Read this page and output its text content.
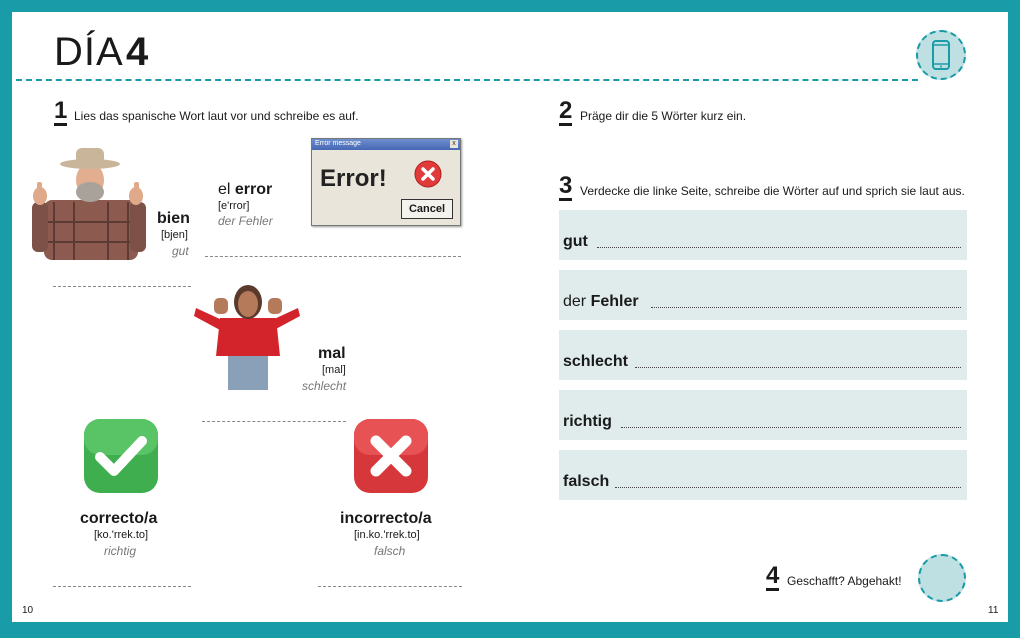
DÍA 4
1 Lies das spanische Wort laut vor und schreibe es auf.
bien
[bjen]
gut
el error
[e'rror]
der Fehler
Error message	x
Error!
Cancel
mal
[mal]
schlecht
correcto/a
[ko.'rrek.to]
richtig
incorrecto/a
[in.ko.'rrek.to]
falsch
2 Präge dir die 5 Wörter kurz ein.
3 Verdecke die linke Seite, schreibe die Wörter auf und sprich sie laut aus.
gut
der Fehler
schlecht
richtig
falsch
4 Geschafft? Abgehakt!
10	11
